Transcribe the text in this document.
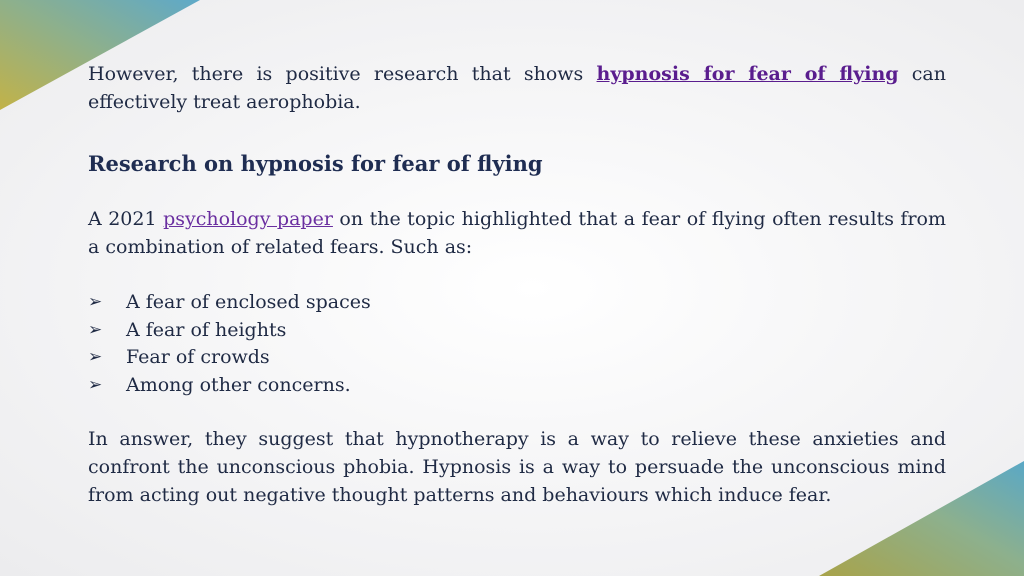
However, there is positive research that shows hypnosis for fear of flying can effectively treat aerophobia.

Research on hypnosis for fear of flying

A 2021 psychology paper on the topic highlighted that a fear of flying often results from a combination of related fears. Such as:

➢	A fear of enclosed spaces
➢	A fear of heights
➢	Fear of crowds
➢	Among other concerns.

In answer, they suggest that hypnotherapy is a way to relieve these anxieties and confront the unconscious phobia. Hypnosis is a way to persuade the unconscious mind from acting out negative thought patterns and behaviours which induce fear.
